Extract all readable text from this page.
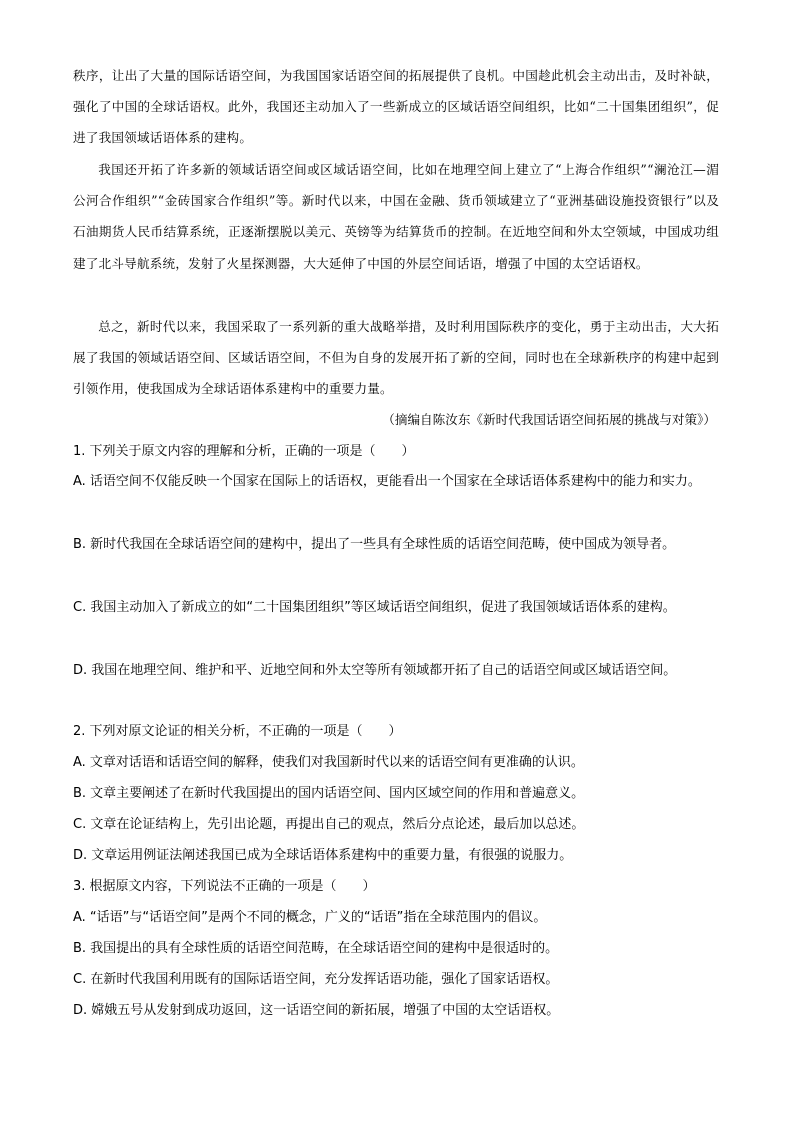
秩序，让出了大量的国际话语空间，为我国国家话语空间的拓展提供了良机。中国趁此机会主动出击，及时补缺，强化了中国的全球话语权。此外，我国还主动加入了一些新成立的区域话语空间组织，比如“二十国集团组织”，促进了我国领域话语体系的建构。

我国还开拓了许多新的领域话语空间或区域话语空间，比如在地理空间上建立了“上海合作组织”“澜沧江—湄公河合作组织”“金砖国家合作组织”等。新时代以来，中国在金融、货币领域建立了“亚洲基础设施投资银行”以及石油期货人民币结算系统，正逐渐摆脱以美元、英镑等为结算货币的控制。在近地空间和外太空领域，中国成功组建了北斗导航系统，发射了火星探测器，大大延伸了中国的外层空间话语，增强了中国的太空话语权。

总之，新时代以来，我国采取了一系列新的重大战略举措，及时利用国际秩序的变化，勇于主动出击，大大拓展了我国的领域话语空间、区域话语空间，不但为自身的发展开拓了新的空间，同时也在全球新秩序的构建中起到引领作用，使我国成为全球话语体系建构中的重要力量。

（摘编自陈汝东《新时代我国话语空间拓展的挑战与对策》）
1. 下列关于原文内容的理解和分析，正确的一项是（　　）

A. 话语空间不仅能反映一个国家在国际上的话语权，更能看出一个国家在全球话语体系建构中的能力和实力。

B. 新时代我国在全球话语空间的建构中，提出了一些具有全球性质的话语空间范畴，使中国成为领导者。

C. 我国主动加入了新成立的如“二十国集团组织”等区域话语空间组织，促进了我国领域话语体系的建构。

D. 我国在地理空间、维护和平、近地空间和外太空等所有领域都开拓了自己的话语空间或区域话语空间。

2. 下列对原文论证的相关分析，不正确的一项是（　　）

A. 文章对话语和话语空间的解释，使我们对我国新时代以来的话语空间有更准确的认识。

B. 文章主要阐述了在新时代我国提出的国内话语空间、国内区域空间的作用和普遍意义。

C. 文章在论证结构上，先引出论题，再提出自己的观点，然后分点论述，最后加以总述。

D. 文章运用例证法阐述我国已成为全球话语体系建构中的重要力量，有很强的说服力。

3. 根据原文内容，下列说法不正确的一项是（　　）

A. “话语”与“话语空间”是两个不同的概念，广义的“话语”指在全球范围内的倡议。

B. 我国提出的具有全球性质的话语空间范畴，在全球话语空间的建构中是很适时的。

C. 在新时代我国利用既有的国际话语空间，充分发挥话语功能，强化了国家话语权。

D. 嫦娥五号从发射到成功返回，这一话语空间的新拓展，增强了中国的太空话语权。
